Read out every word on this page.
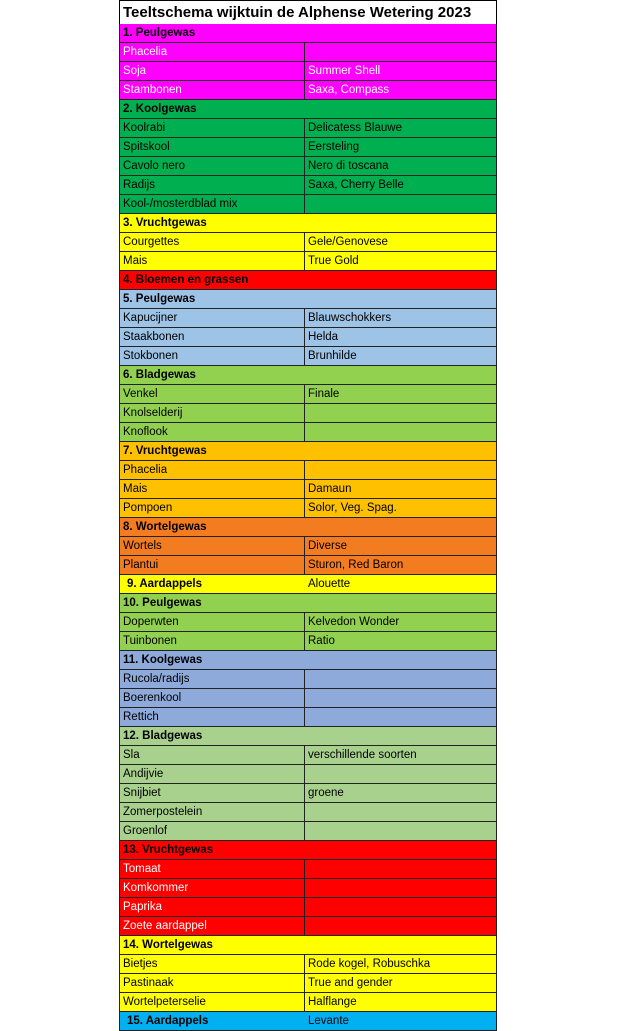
Teeltschema wijktuin de Alphense Wetering 2023
1. Peulgewas
Phacelia
Soja	Summer Shell
Stambonen	Saxa, Compass
2. Koolgewas
Koolrabi	Delicatess Blauwe
Spitskool	Eersteling
Cavolo nero	Nero di toscana
Radijs	Saxa, Cherry Belle
Kool-/mosterdblad mix
3. Vruchtgewas
Courgettes	Gele/Genovese
Mais	True Gold
4. Bloemen en grassen
5. Peulgewas
Kapucijner	Blauwschokkers
Staakbonen	Helda
Stokbonen	Brunhilde
6. Bladgewas
Venkel	Finale
Knolselderij
Knoflook
7. Vruchtgewas
Phacelia
Mais	Damaun
Pompoen	Solor, Veg. Spag.
8. Wortelgewas
Wortels	Diverse
Plantui	Sturon, Red Baron
9. Aardappels	Alouette
10. Peulgewas
Doperwten	Kelvedon Wonder
Tuinbonen	Ratio
11. Koolgewas
Rucola/radijs
Boerenkool
Rettich
12. Bladgewas
Sla	verschillende soorten
Andijvie
Snijbiet	groene
Zomerpostelein
Groenlof
13. Vruchtgewas
Tomaat
Komkommer
Paprika
Zoete aardappel
14. Wortelgewas
Bietjes	Rode kogel, Robuschka
Pastinaak	True and gender
Wortelpeterselie	Halflange
15. Aardappels	Levante
